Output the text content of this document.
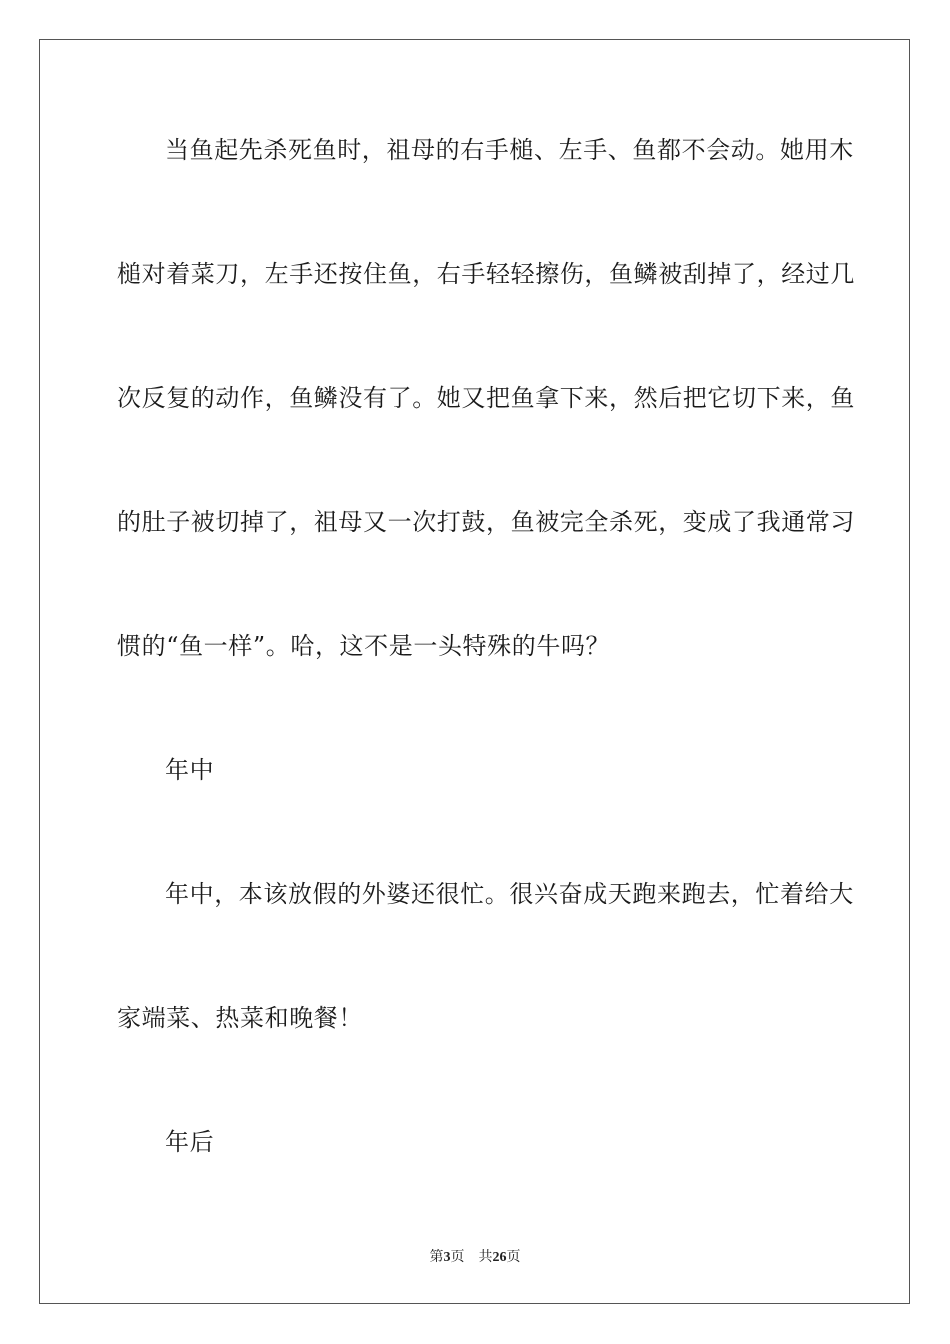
当鱼起先杀死鱼时，祖母的右手槌、左手、鱼都不会动。她用木
槌对着菜刀，左手还按住鱼，右手轻轻擦伤，鱼鳞被刮掉了，经过几
次反复的动作，鱼鳞没有了。她又把鱼拿下来，然后把它切下来，鱼
的肚子被切掉了，祖母又一次打鼓，鱼被完全杀死，变成了我通常习
惯的“鱼一样”。哈，这不是一头特殊的牛吗？
年中
年中，本该放假的外婆还很忙。很兴奋成天跑来跑去，忙着给大
家端菜、热菜和晚餐！
年后
第3页 共26页
